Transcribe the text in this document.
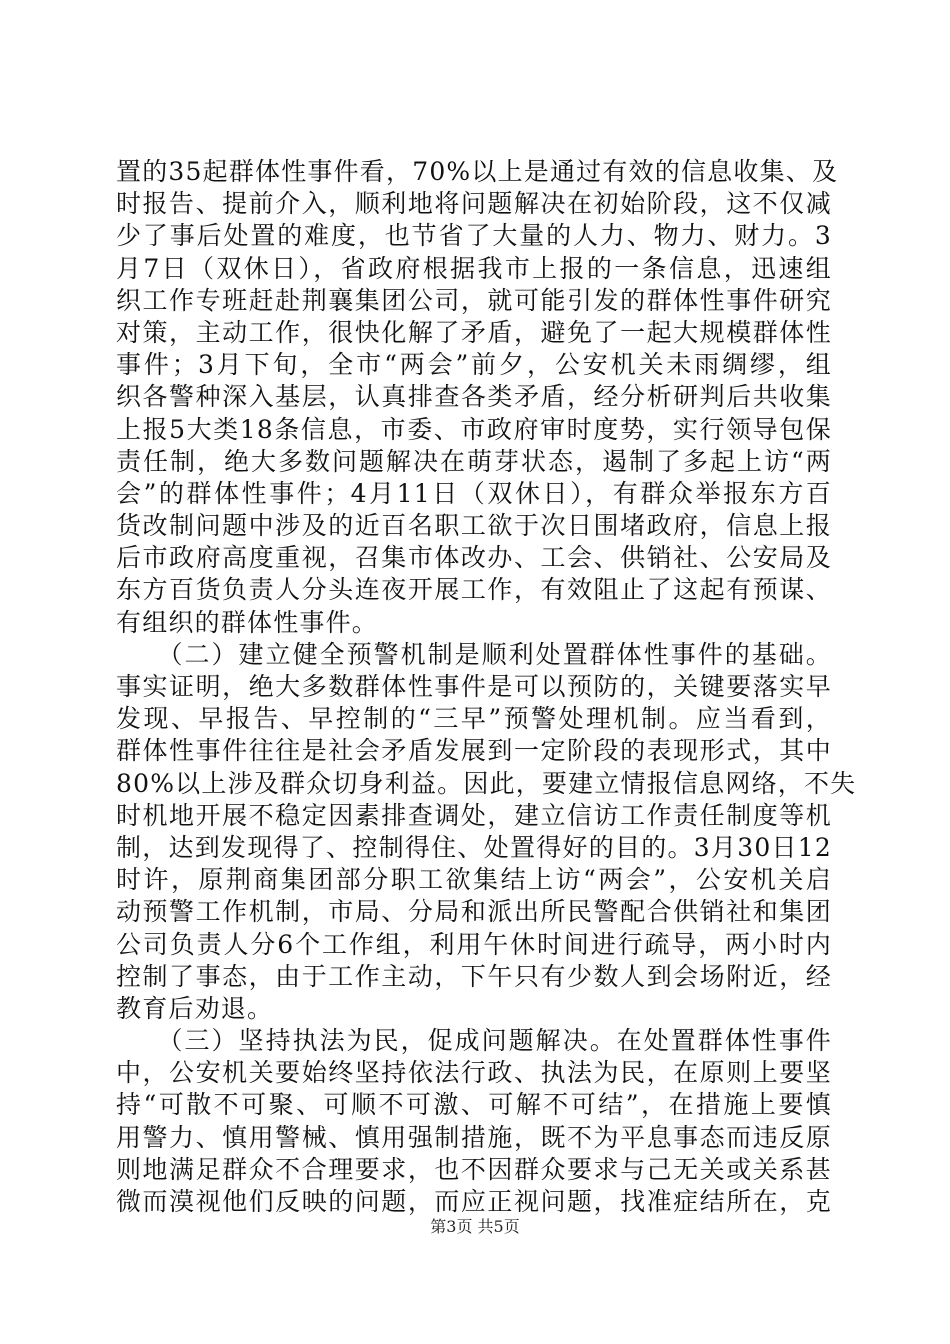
置的35起群体性事件看，70%以上是通过有效的信息收集、及
时报告、提前介入，顺利地将问题解决在初始阶段，这不仅减
少了事后处置的难度，也节省了大量的人力、物力、财力。3
月7日（双休日），省政府根据我市上报的一条信息，迅速组
织工作专班赶赴荆襄集团公司，就可能引发的群体性事件研究
对策，主动工作，很快化解了矛盾，避免了一起大规模群体性
事件；3月下旬，全市“两会”前夕，公安机关未雨绸缪，组
织各警种深入基层，认真排查各类矛盾，经分析研判后共收集
上报5大类18条信息，市委、市政府审时度势，实行领导包保
责任制，绝大多数问题解决在萌芽状态，遏制了多起上访“两
会”的群体性事件；4月11日（双休日），有群众举报东方百
货改制问题中涉及的近百名职工欲于次日围堵政府，信息上报
后市政府高度重视，召集市体改办、工会、供销社、公安局及
东方百货负责人分头连夜开展工作，有效阻止了这起有预谋、
有组织的群体性事件。
　　（二）建立健全预警机制是顺利处置群体性事件的基础。
事实证明，绝大多数群体性事件是可以预防的，关键要落实早
发现、早报告、早控制的“三早”预警处理机制。应当看到，
群体性事件往往是社会矛盾发展到一定阶段的表现形式，其中
80%以上涉及群众切身利益。因此，要建立情报信息网络，不失
时机地开展不稳定因素排查调处，建立信访工作责任制度等机
制，达到发现得了、控制得住、处置得好的目的。3月30日12
时许，原荆商集团部分职工欲集结上访“两会”，公安机关启
动预警工作机制，市局、分局和派出所民警配合供销社和集团
公司负责人分6个工作组，利用午休时间进行疏导，两小时内
控制了事态，由于工作主动，下午只有少数人到会场附近，经
教育后劝退。
　　（三）坚持执法为民，促成问题解决。在处置群体性事件
中，公安机关要始终坚持依法行政、执法为民，在原则上要坚
持“可散不可聚、可顺不可激、可解不可结”，在措施上要慎
用警力、慎用警械、慎用强制措施，既不为平息事态而违反原
则地满足群众不合理要求，也不因群众要求与己无关或关系甚
微而漠视他们反映的问题，而应正视问题，找准症结所在，克
第3页 共5页
